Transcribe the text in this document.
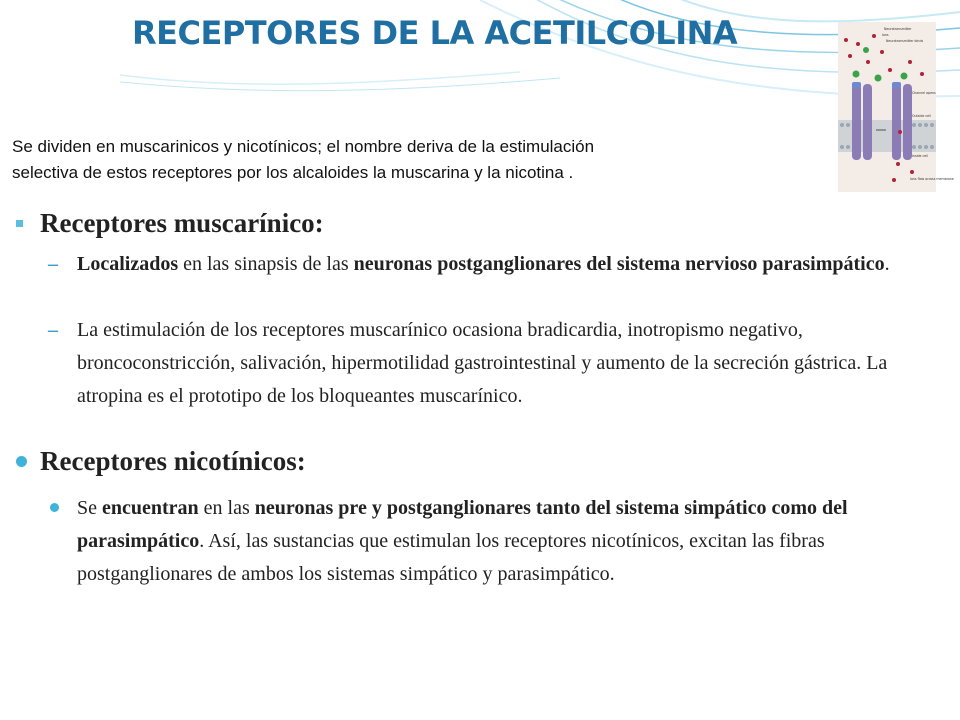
RECEPTORES DE LA ACETILCOLINA	Neurotransmitter
Ions
Neurotransmitter binds
Channel opens
Outside cell
Inside cell
Ions flow across membrane
Se dividen en muscarinicos y nicotínicos; el nombre deriva de la estimulación
selectiva de estos receptores por los alcaloides la muscarina y la nicotina .
Receptores muscarínico:
– Localizados en las sinapsis de las neuronas postganglionares del sistema nervioso parasimpático.
– La estimulación de los receptores muscarínico ocasiona bradicardia, inotropismo negativo, broncoconstricción, salivación, hipermotilidad gastrointestinal y aumento de la secreción gástrica. La atropina es el prototipo de los bloqueantes muscarínico.
Receptores nicotínicos:
Se encuentran en las neuronas pre y postganglionares tanto del sistema simpático como del parasimpático. Así, las sustancias que estimulan los receptores nicotínicos, excitan las fibras postganglionares de ambos los sistemas simpático y parasimpático.
